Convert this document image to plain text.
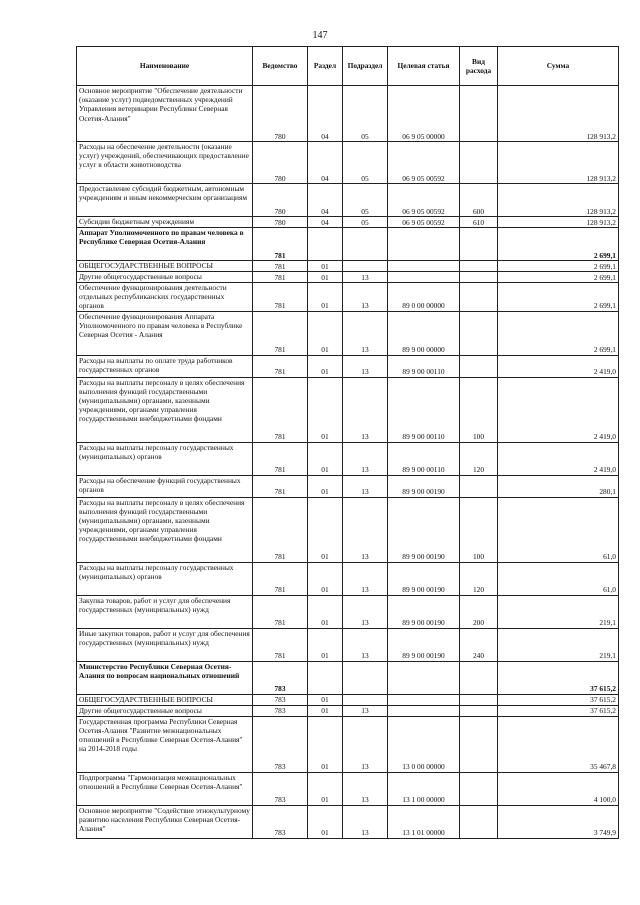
147
Наименование	Ведомство	Раздел	Подраздел	Целевая статья	Вид расхода	Сумма
Основное мероприятие "Обеспечение деятельности (оказание услуг) подведомственных учреждений Управления ветеринарии Республики Северная Осетия-Алания"	780	04	05	06 9 05 00000		128 913,2
Расходы на обеспечение деятельности (оказание услуг) учреждений, обеспечивающих предоставление услуг в области животноводства	780	04	05	06 9 05 00592		128 913,2
Предоставление субсидий бюджетным, автономным учреждениям и иным некоммерческим организациям	780	04	05	06 9 05 00592	600	128 913,2
Субсидии бюджетным учреждениям	780	04	05	06 9 05 00592	610	128 913,2
Аппарат Уполномоченного по правам человека в Республике Северная Осетия-Алания	781					2 699,1
ОБЩЕГОСУДАРСТВЕННЫЕ ВОПРОСЫ	781	01				2 699,1
Другие общегосударственные вопросы	781	01	13			2 699,1
Обеспечение функционирования деятельности отдельных республиканских государственных органов	781	01	13	89 0 00 00000		2 699,1
Обеспечение функционирования Аппарата Уполномоченного по правам человека в Республике Северная Осетия - Алания	781	01	13	89 9 00 00000		2 699,1
Расходы на выплаты по оплате труда работников государственных органов	781	01	13	89 9 00 00110		2 419,0
Расходы на выплаты персоналу в целях обеспечения выполнения функций государственными (муниципальными) органами, казенными учреждениями, органами управления государственными внебюджетными фондами	781	01	13	89 9 00 00110	100	2 419,0
Расходы на выплаты персоналу государственных (муниципальных) органов	781	01	13	89 9 00 00110	120	2 419,0
Расходы на обеспечение функций государственных органов	781	01	13	89 9 00 00190		280,1
Расходы на выплаты персоналу в целях обеспечения выполнения функций государственными (муниципальными) органами, казенными учреждениями, органами управления государственными внебюджетными фондами	781	01	13	89 9 00 00190	100	61,0
Расходы на выплаты персоналу государственных (муниципальных) органов	781	01	13	89 9 00 00190	120	61,0
Закупка товаров, работ и услуг для обеспечения государственных (муниципальных) нужд	781	01	13	89 9 00 00190	200	219,1
Иные закупки товаров, работ и услуг для обеспечения государственных (муниципальных) нужд	781	01	13	89 9 00 00190	240	219,1
Министерство Республики Северная Осетия-Алания по вопросам национальных отношений	783					37 615,2
ОБЩЕГОСУДАРСТВЕННЫЕ ВОПРОСЫ	783	01				37 615,2
Другие общегосударственные вопросы	783	01	13			37 615,2
Государственная программа Республики Северная Осетия-Алания "Развитие межнациональных отношений в Республике Северная Осетия-Алания" на 2014-2018 годы	783	01	13	13 0 00 00000		35 467,8
Подпрограмма "Гармонизация межнациональных отношений в Республике Северная Осетия-Алания"	783	01	13	13 1 00 00000		4 100,0
Основное мероприятие "Содействие этнокультурному развитию населения Республики Северная Осетия-Алания"	783	01	13	13 1 01 00000		3 749,9
